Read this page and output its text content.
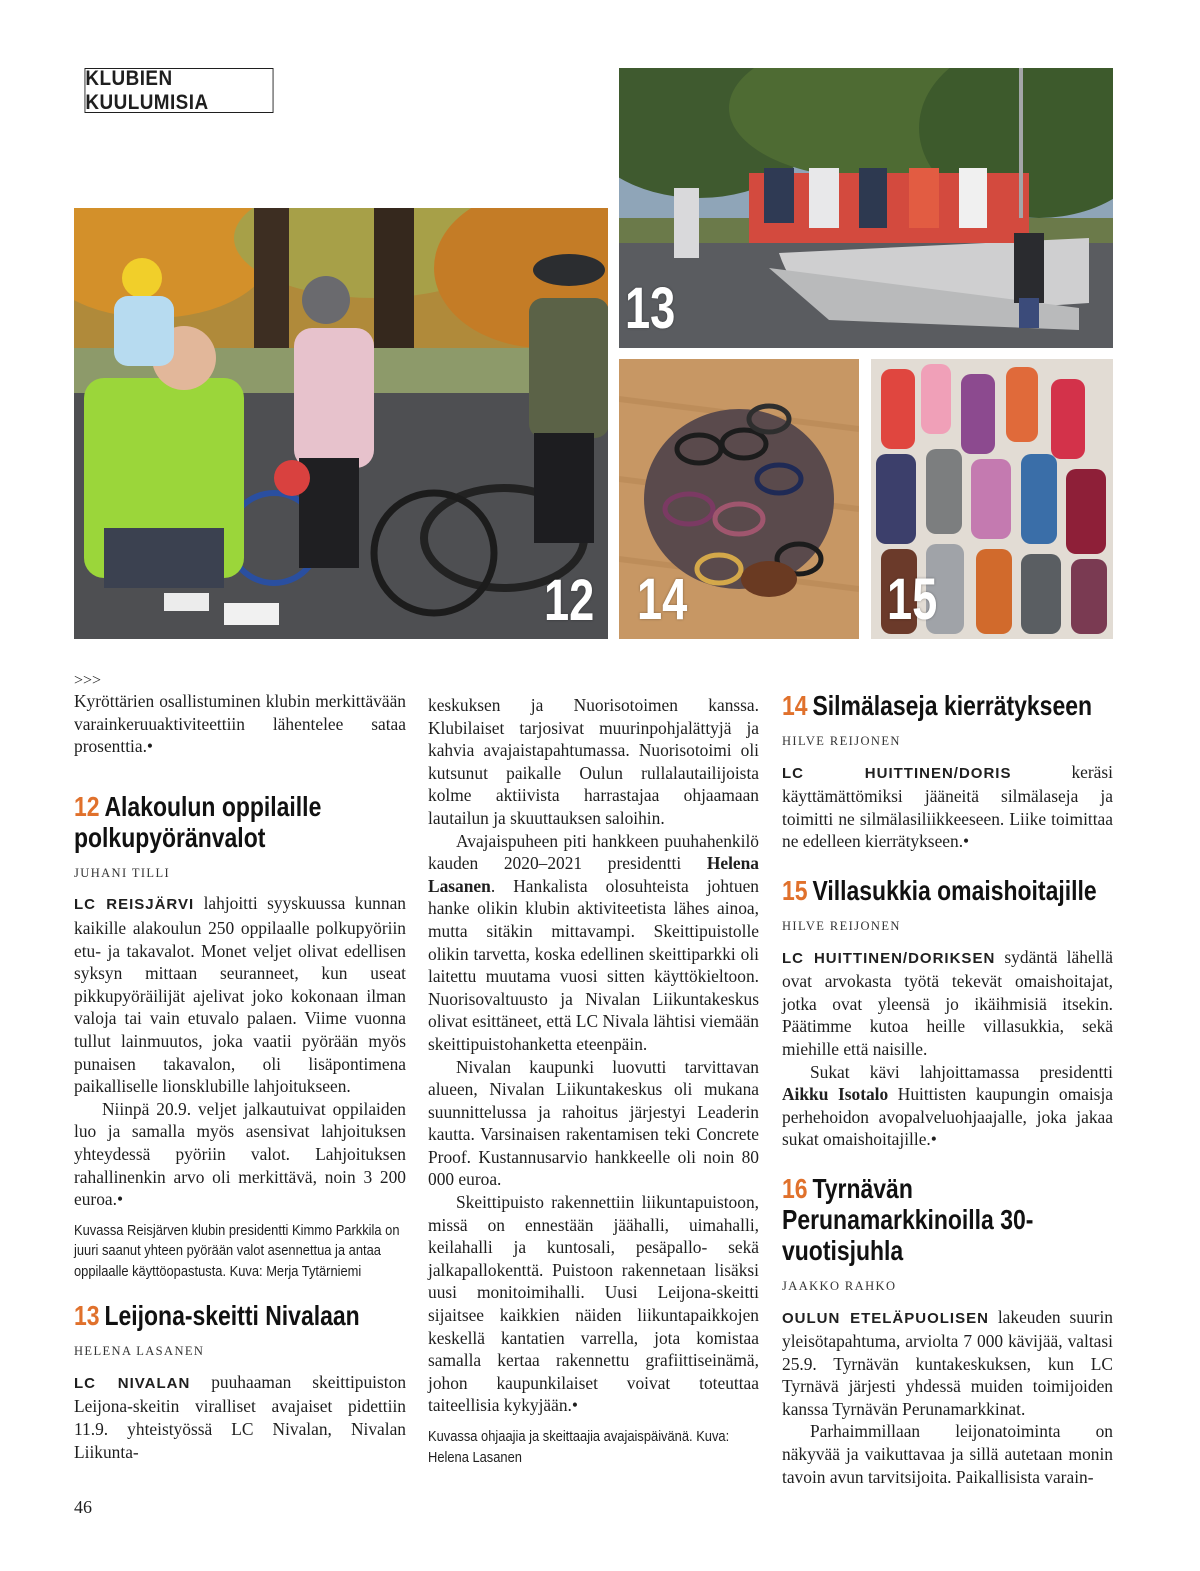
KLUBIEN KUULUMISIA
12
13
14	15
>>>

Kyröttärien osallistuminen klubin merkittävään varainkeruuaktiviteettiin lähentelee sataa prosenttia.•

12 Alakoulun oppilaille polkupyöränvalot
JUHANI TILLI

LC REISJÄRVI lahjoitti syyskuussa kunnan kaikille alakoulun 250 oppilaalle polkupyöriin etu- ja takavalot. Monet veljet olivat edellisen syksyn mittaan seuranneet, kun useat pikkupyöräilijät ajelivat joko kokonaan ilman valoja tai vain etuvalo palaen. Viime vuonna tullut lainmuutos, joka vaatii pyörään myös punaisen takavalon, oli lisäpontimena paikalliselle lionsklubille lahjoitukseen.

Niinpä 20.9. veljet jalkautuivat oppilaiden luo ja samalla myös asensivat lahjoituksen yhteydessä pyöriin valot. Lahjoituksen rahallinenkin arvo oli merkittävä, noin 3 200 euroa.•

Kuvassa Reisjärven klubin presidentti Kimmo Parkkila on juuri saanut yhteen pyörään valot asennettua ja antaa oppilaalle käyttöopastusta. Kuva: Merja Tytärniemi
13 Leijona-skeitti Nivalaan
HELENA LASANEN

LC NIVALAN puuhaaman skeittipuiston Leijona-skeitin viralliset avajaiset pidettiin 11.9. yhteistyössä LC Nivalan, Nivalan Liikunta-

keskuksen ja Nuorisotoimen kanssa. Klubilaiset tarjosivat muurinpohjalättyjä ja kahvia avajaistapahtumassa. Nuorisotoimi oli kutsunut paikalle Oulun rullalautailijoista kolme aktiivista harrastajaa ohjaamaan lautailun ja skuuttauksen saloihin.

Avajaispuheen piti hankkeen puuhahenkilö kauden 2020–2021 presidentti Helena Lasanen. Hankalista olosuhteista johtuen hanke olikin klubin aktiviteetista lähes ainoa, mutta sitäkin mittavampi. Skeittipuistolle olikin tarvetta, koska edellinen skeittiparkki oli laitettu muutama vuosi sitten käyttökieltoon. Nuorisovaltuusto ja Nivalan Liikuntakeskus olivat esittäneet, että LC Nivala lähtisi viemään skeittipuistohanketta eteenpäin.

Nivalan kaupunki luovutti tarvittavan alueen, Nivalan Liikuntakeskus oli mukana suunnittelussa ja rahoitus järjestyi Leaderin kautta. Varsinaisen rakentamisen teki Concrete Proof. Kustannusarvio hankkeelle oli noin 80 000 euroa.

Skeittipuisto rakennettiin liikuntapuistoon, missä on ennestään jäähalli, uimahalli, keilahalli ja kuntosali, pesäpallo- sekä jalkapallokenttä. Puistoon rakennetaan lisäksi uusi monitoimihalli. Uusi Leijona-skeitti sijaitsee kaikkien näiden liikuntapaikkojen keskellä kantatien varrella, jota komistaa samalla kertaa rakennettu grafiittiseinämä, johon kaupunkilaiset voivat toteuttaa taiteellisia kykyjään.•

Kuvassa ohjaajia ja skeittaajia avajaispäivänä. Kuva: Helena Lasanen
14 Silmälaseja kierrätykseen
HILVE REIJONEN

LC HUITTINEN/DORIS keräsi käyttämättömiksi jääneitä silmälaseja ja toimitti ne silmälasiliikkeeseen. Liike toimittaa ne edelleen kierrätykseen.•

15 Villasukkia omaishoitajille
HILVE REIJONEN

LC HUITTINEN/DORIKSEN sydäntä lähellä ovat arvokasta työtä tekevät omaishoitajat, jotka ovat yleensä jo ikäihmisiä itsekin. Päätimme kutoa heille villasukkia, sekä miehille että naisille.

Sukat kävi lahjoittamassa presidentti Aikku Isotalo Huittisten kaupungin omaisja perhehoidon avopalveluohjaajalle, joka jakaa sukat omaishoitajille.•

16 Tyrnävän Perunamarkkinoilla 30-vuotisjuhla
JAAKKO RAHKO

OULUN ETELÄPUOLISEN lakeuden suurin yleisötapahtuma, arviolta 7 000 kävijää, valtasi 25.9. Tyrnävän kuntakeskuksen, kun LC Tyrnävä järjesti yhdessä muiden toimijoiden kanssa Tyrnävän Perunamarkkinat.

Parhaimmillaan leijonatoiminta on näkyvää ja vaikuttavaa ja sillä autetaan monin tavoin avun tarvitsijoita. Paikallisista varain-

46
